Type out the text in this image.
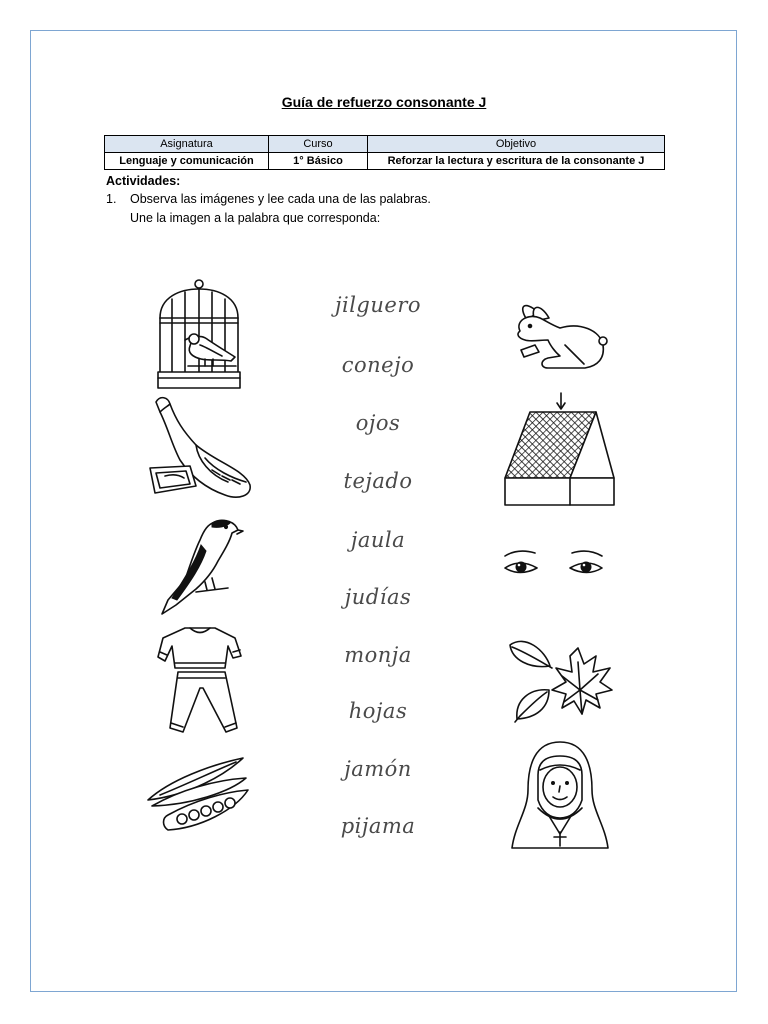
Guía de refuerzo consonante J
Asignatura	Curso	Objetivo
Lenguaje y comunicación	1° Básico	Reforzar la lectura y escritura de la consonante J
Actividades:
1. Observa las imágenes y lee cada una de las palabras.
Une la imagen a la palabra que corresponda:
jilguero
conejo
ojos
tejado
jaula
judías
monja
hojas
jamón
pijama
